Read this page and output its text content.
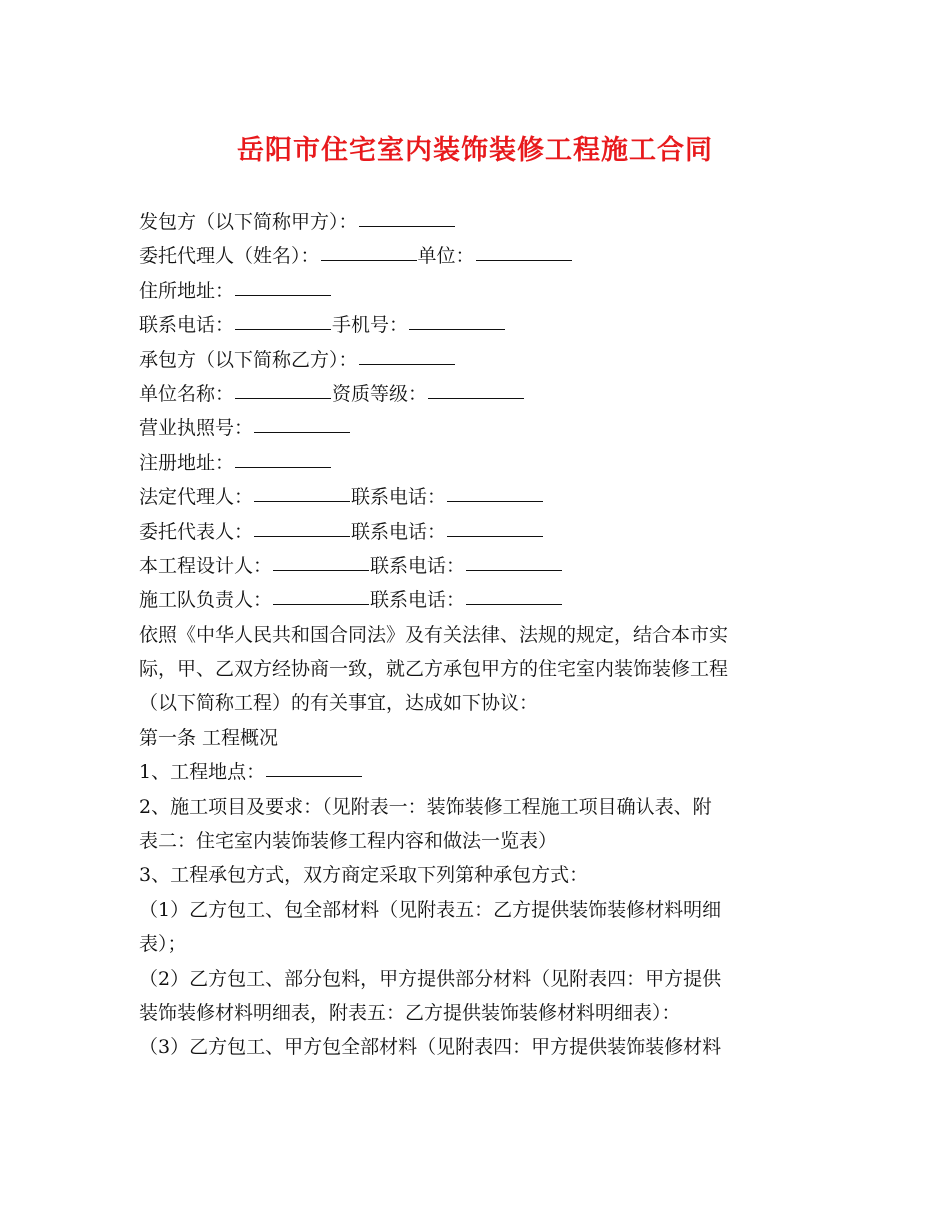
岳阳市住宅室内装饰装修工程施工合同
发包方（以下简称甲方）：
委托代理人（姓名）：	单位：
住所地址：
联系电话：	手机号：
承包方（以下简称乙方）：
单位名称：	资质等级：
营业执照号：
注册地址：
法定代理人：	联系电话：
委托代表人：	联系电话：
本工程设计人：	联系电话：
施工队负责人：	联系电话：
依照《中华人民共和国合同法》及有关法律、法规的规定，结合本市实
际，甲、乙双方经协商一致，就乙方承包甲方的住宅室内装饰装修工程
（以下简称工程）的有关事宜，达成如下协议：
第一条 工程概况
1、工程地点：
2、施工项目及要求：（见附表一：装饰装修工程施工项目确认表、附
表二：住宅室内装饰装修工程内容和做法一览表）
3、工程承包方式，双方商定采取下列第种承包方式：
（1）乙方包工、包全部材料（见附表五：乙方提供装饰装修材料明细
表）；
（2）乙方包工、部分包料，甲方提供部分材料（见附表四：甲方提供
装饰装修材料明细表，附表五：乙方提供装饰装修材料明细表）：
（3）乙方包工、甲方包全部材料（见附表四：甲方提供装饰装修材料
